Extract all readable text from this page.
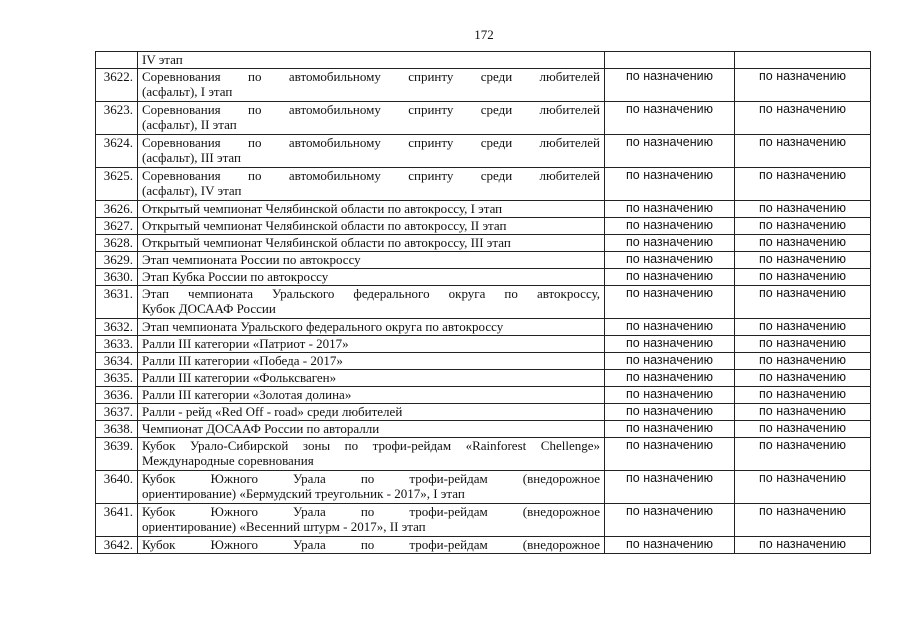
172
	IV этап		
3622.	Соревнования по автомобильному спринту среди любителей
(асфальт), I этап	по назначению	по назначению
3623.	Соревнования по автомобильному спринту среди любителей
(асфальт), II этап	по назначению	по назначению
3624.	Соревнования по автомобильному спринту среди любителей
(асфальт), III этап	по назначению	по назначению
3625.	Соревнования по автомобильному спринту среди любителей
(асфальт), IV этап	по назначению	по назначению
3626.	Открытый чемпионат Челябинской области по автокроссу, I этап	по назначению	по назначению
3627.	Открытый чемпионат Челябинской области по автокроссу, II этап	по назначению	по назначению
3628.	Открытый чемпионат Челябинской области по автокроссу, III этап	по назначению	по назначению
3629.	Этап чемпионата России по автокроссу	по назначению	по назначению
3630.	Этап Кубка России по автокроссу	по назначению	по назначению
3631.	Этап чемпионата Уральского федерального округа по автокроссу,
Кубок ДОСААФ России	по назначению	по назначению
3632.	Этап чемпионата Уральского федерального округа по автокроссу	по назначению	по назначению
3633.	Ралли III категории «Патриот - 2017»	по назначению	по назначению
3634.	Ралли III категории «Победа - 2017»	по назначению	по назначению
3635.	Ралли III категории «Фольксваген»	по назначению	по назначению
3636.	Ралли III категории «Золотая долина»	по назначению	по назначению
3637.	Ралли - рейд «Red Off - road» среди любителей	по назначению	по назначению
3638.	Чемпионат ДОСААФ России по авторалли	по назначению	по назначению
3639.	Кубок Урало-Сибирской зоны по трофи-рейдам «Rainforest Chellenge»
Международные соревнования	по назначению	по назначению
3640.	Кубок Южного Урала по трофи-рейдам (внедорожное
ориентирование) «Бермудский треугольник - 2017», I этап	по назначению	по назначению
3641.	Кубок Южного Урала по трофи-рейдам (внедорожное
ориентирование) «Весенний штурм - 2017», II этап	по назначению	по назначению
3642.	Кубок Южного Урала по трофи-рейдам (внедорожное	по назначению	по назначению
